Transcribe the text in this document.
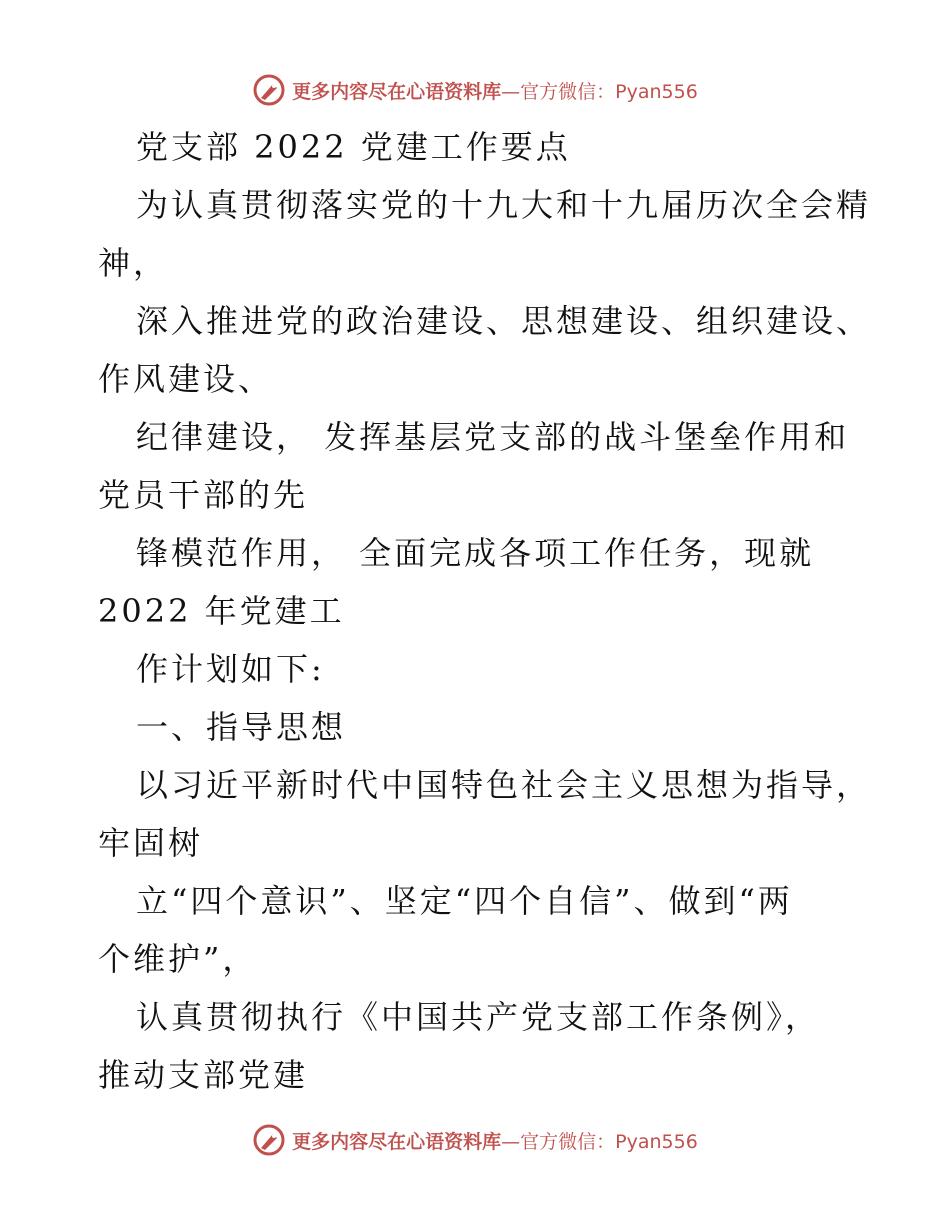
更多内容尽在心语资料库 —官方微信：Pyan556
党支部 2022 党建工作要点
为认真贯彻落实党的十九大和十九届历次全会精
神，
深入推进党的政治建设、思想建设、组织建设、
作风建设、
纪律建设， 发挥基层党支部的战斗堡垒作用和
党员干部的先
锋模范作用， 全面完成各项工作任务，现就
2022 年党建工
作计划如下:
一、指导思想
以习近平新时代中国特色社会主义思想为指导，
牢固树
立“四个意识”、坚定“四个自信”、做到“两
个维护”，
认真贯彻执行《中国共产党支部工作条例》，
推动支部党建
更多内容尽在心语资料库 —官方微信：Pyan556
